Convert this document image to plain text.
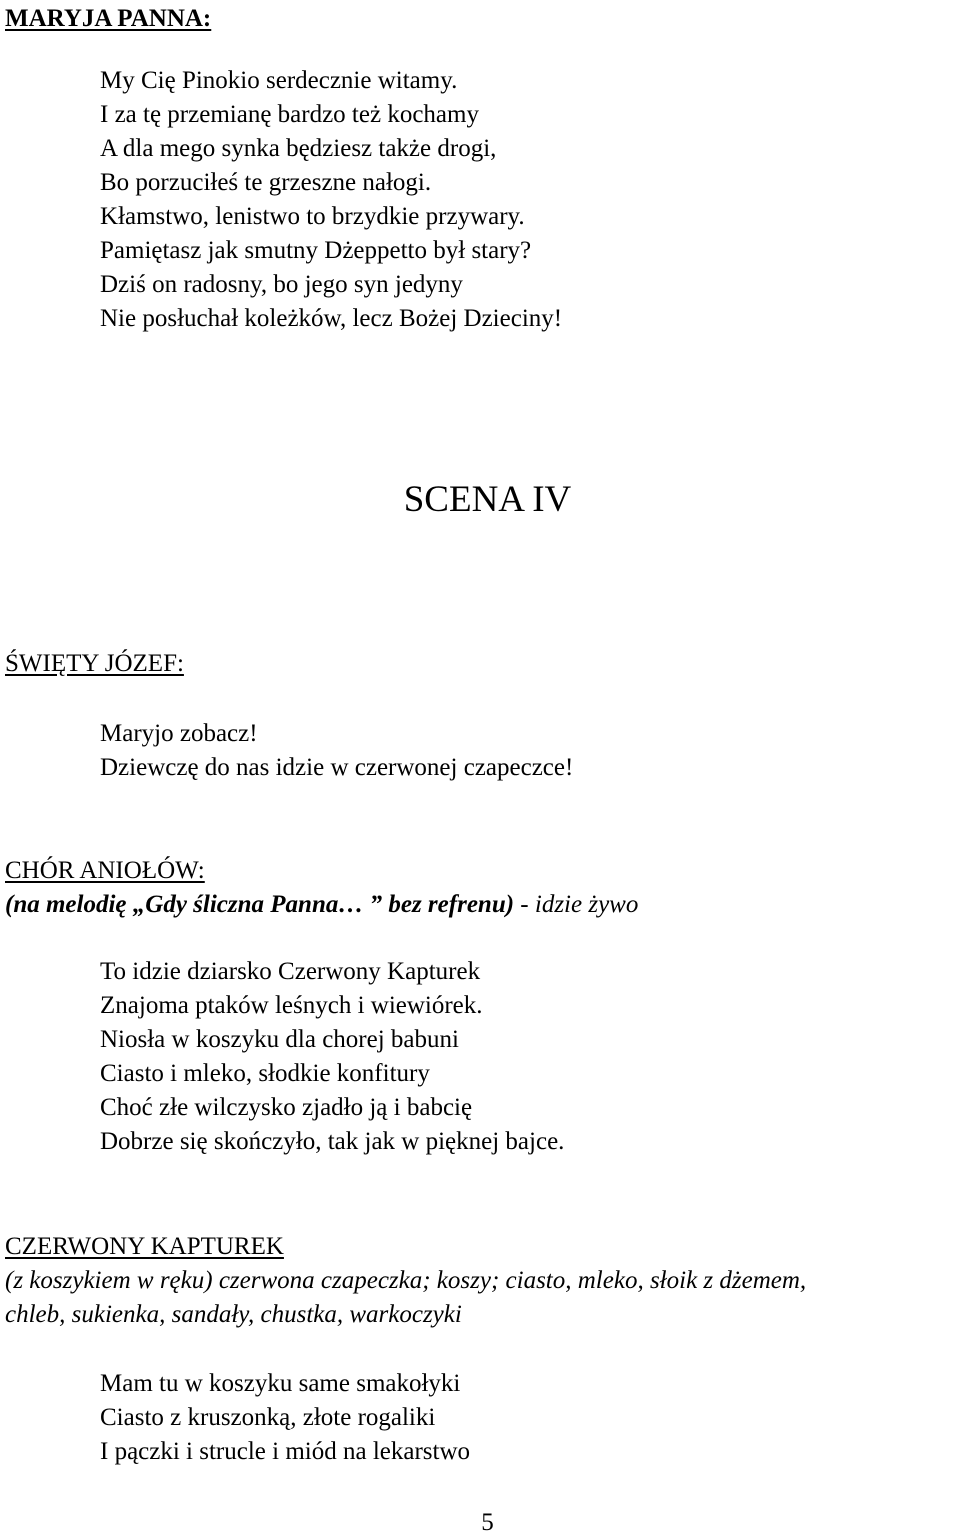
MARYJA PANNA:
My Cię Pinokio serdecznie witamy.
I za tę przemianę bardzo też kochamy
A dla mego synka będziesz także drogi,
Bo porzuciłeś te grzeszne nałogi.
Kłamstwo, lenistwo to brzydkie przywary.
Pamiętasz jak smutny Dżeppetto był stary?
Dziś on radosny, bo jego syn jedyny
Nie posłuchał koleżków, lecz Bożej Dzieciny!
SCENA IV
ŚWIĘTY JÓZEF:
Maryjo zobacz!
Dziewczę do nas idzie w czerwonej czapeczce!
CHÓR ANIOŁÓW:
(na melodię „Gdy śliczna Panna… ” bez refrenu) - idzie żywo
To idzie dziarsko Czerwony Kapturek
Znajoma ptaków leśnych i wiewiórek.
Niosła w koszyku dla chorej babuni
Ciasto i mleko, słodkie konfitury
Choć złe wilczysko zjadło ją i babcię
Dobrze się skończyło, tak jak w pięknej bajce.
CZERWONY KAPTUREK
(z koszykiem w ręku) czerwona czapeczka; koszy; ciasto, mleko, słoik z dżemem,
chleb, sukienka, sandały, chustka, warkoczyki
Mam tu w koszyku same smakołyki
Ciasto z kruszonką, złote rogaliki
I pączki i strucle i miód na lekarstwo
5
